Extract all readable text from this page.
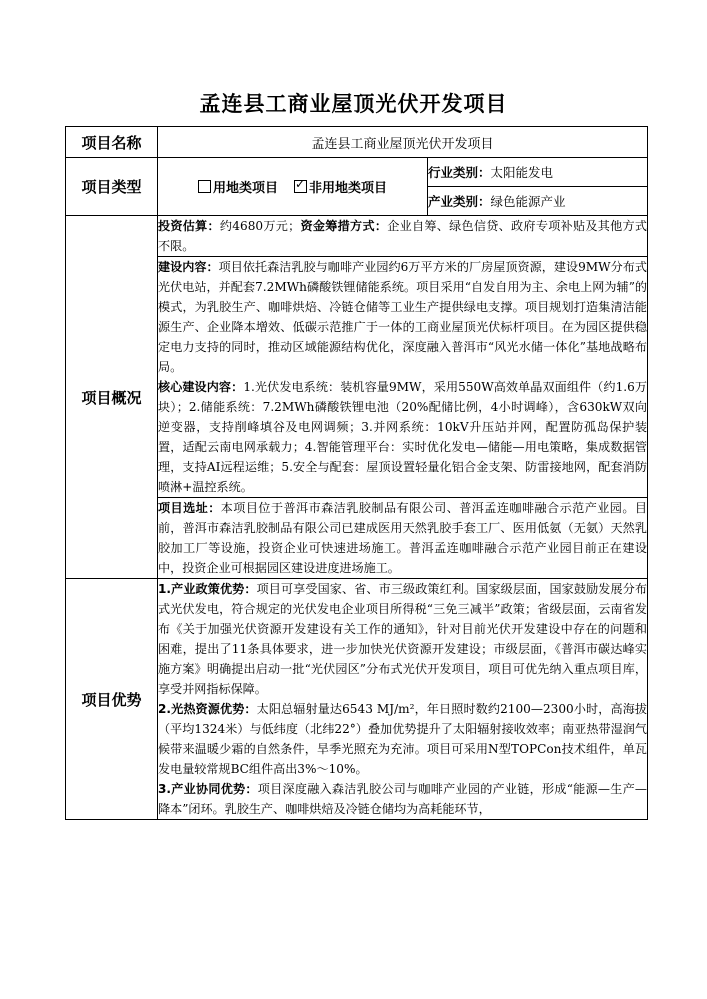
孟连县工商业屋顶光伏开发项目
项目名称	孟连县工商业屋顶光伏开发项目	
项目类型	用地类项目 ✓ 非用地类项目	行业类别：太阳能发电
		产业类别：绿色能源产业
项目概况	投资估算：约4680万元；资金筹措方式：企业自筹、绿色信贷、政府专项补贴及其他方式不限。	

	建设内容：项目依托森洁乳胶与咖啡产业园约6万平方米的厂房屋顶资源，建设9MW分布式光伏电站，并配套7.2MWh磷酸铁锂储能系统。项目采用“自发自用为主、余电上网为辅”的模式，为乳胶生产、咖啡烘焙、冷链仓储等工业生产提供绿电支撑。项目规划打造集清洁能源生产、企业降本增效、低碳示范推广于一体的工商业屋顶光伏标杆项目。在为园区提供稳定电力支持的同时，推动区域能源结构优化，深度融入普洱市“风光水储一体化”基地战略布局。

核心建设内容：1.光伏发电系统：装机容量9MW，采用550W高效单晶双面组件（约1.6万块）；2.储能系统：7.2MWh磷酸铁锂电池（20%配储比例，4小时调峰），含630kW双向逆变器，支持削峰填谷及电网调频；3.并网系统：10kV升压站并网，配置防孤岛保护装置，适配云南电网承载力；4.智能管理平台：实时优化发电—储能—用电策略，集成数据管理，支持AI远程运维；5.安全与配套：屋顶设置轻量化铝合金支架、防雷接地网，配套消防喷淋+温控系统。	

	项目选址：本项目位于普洱市森洁乳胶制品有限公司、普洱孟连咖啡融合示范产业园。目前，普洱市森洁乳胶制品有限公司已建成医用天然乳胶手套工厂、医用低氨（无氨）天然乳胶加工厂等设施，投资企业可快速进场施工。普洱孟连咖啡融合示范产业园目前正在建设中，投资企业可根据园区建设进度进场施工。	
项目优势	1.产业政策优势：项目可享受国家、省、市三级政策红利。国家级层面，国家鼓励发展分布式光伏发电，符合规定的光伏发电企业项目所得税“三免三减半”政策；省级层面，云南省发布《关于加强光伏资源开发建设有关工作的通知》，针对目前光伏开发建设中存在的问题和困难，提出了11条具体要求，进一步加快光伏资源开发建设；市级层面，《普洱市碳达峰实施方案》明确提出启动一批“光伏园区”分布式光伏开发项目，项目可优先纳入重点项目库，享受并网指标保障。

2.光热资源优势：太阳总辐射量达6543 MJ/m²，年日照时数约2100—2300小时，高海拔（平均1324米）与低纬度（北纬22°）叠加优势提升了太阳辐射接收效率；南亚热带湿润气候带来温暖少霜的自然条件，旱季光照充为充沛。项目可采用N型TOPCon技术组件，单瓦发电量较常规BC组件高出3%～10%。

3.产业协同优势：项目深度融入森洁乳胶公司与咖啡产业园的产业链，形成“能源—生产—降本”闭环。乳胶生产、咖啡烘焙及冷链仓储均为高耗能环节，	
